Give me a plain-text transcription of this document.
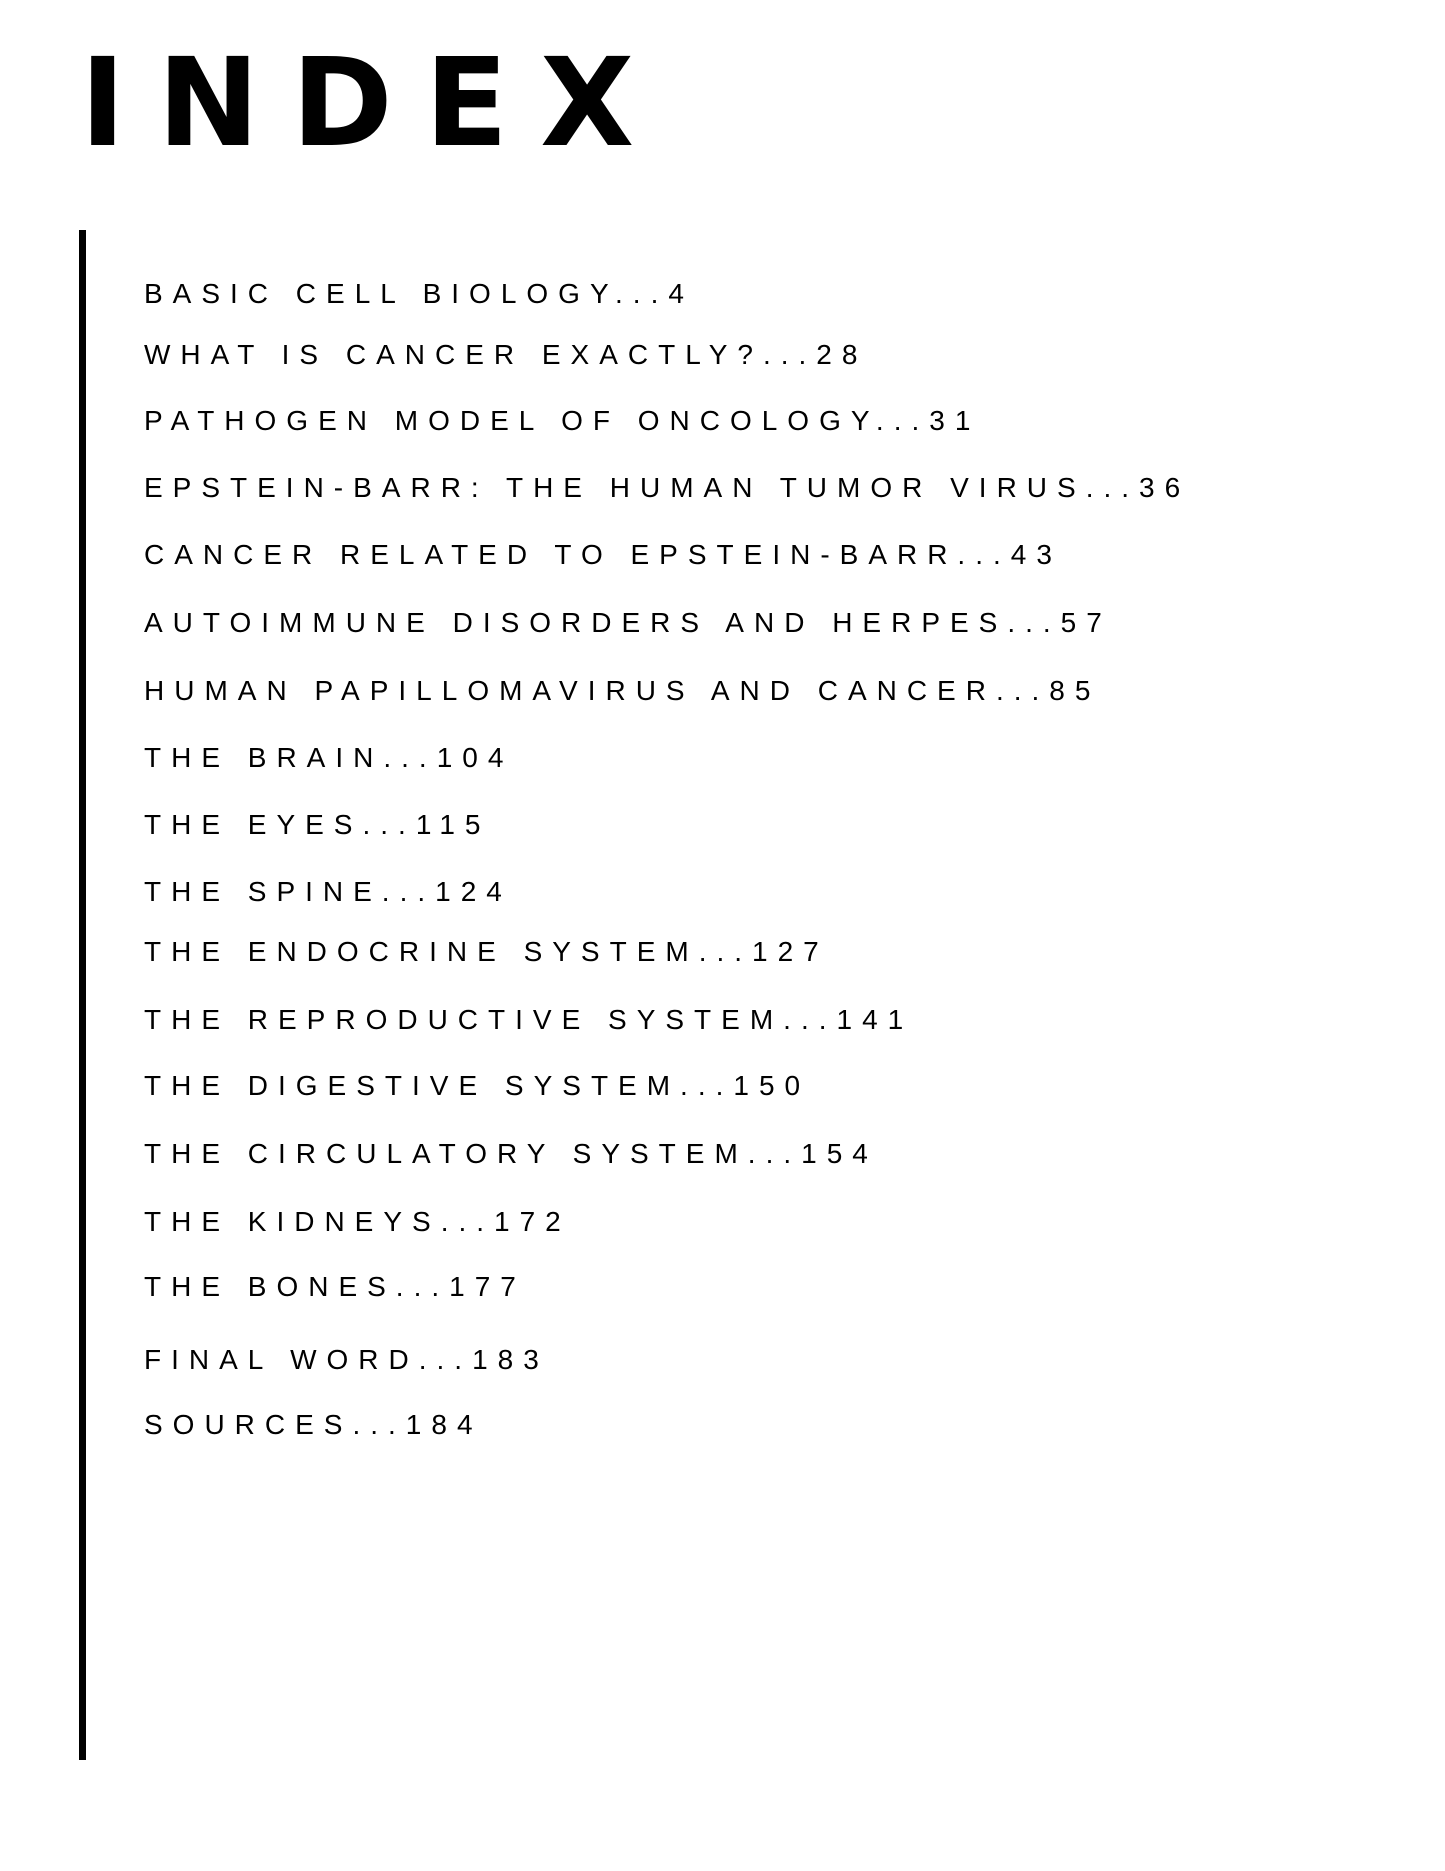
INDEX
BASIC CELL BIOLOGY...4
WHAT IS CANCER EXACTLY?...28
PATHOGEN MODEL OF ONCOLOGY...31
EPSTEIN-BARR: THE HUMAN TUMOR VIRUS...36
CANCER RELATED TO EPSTEIN-BARR...43
AUTOIMMUNE DISORDERS AND HERPES...57
HUMAN PAPILLOMAVIRUS AND CANCER...85
THE BRAIN...104
THE EYES...115
THE SPINE...124
THE ENDOCRINE SYSTEM...127
THE REPRODUCTIVE SYSTEM...141
THE DIGESTIVE SYSTEM...150
THE CIRCULATORY SYSTEM...154
THE KIDNEYS...172
THE BONES...177
FINAL WORD...183
SOURCES...184
